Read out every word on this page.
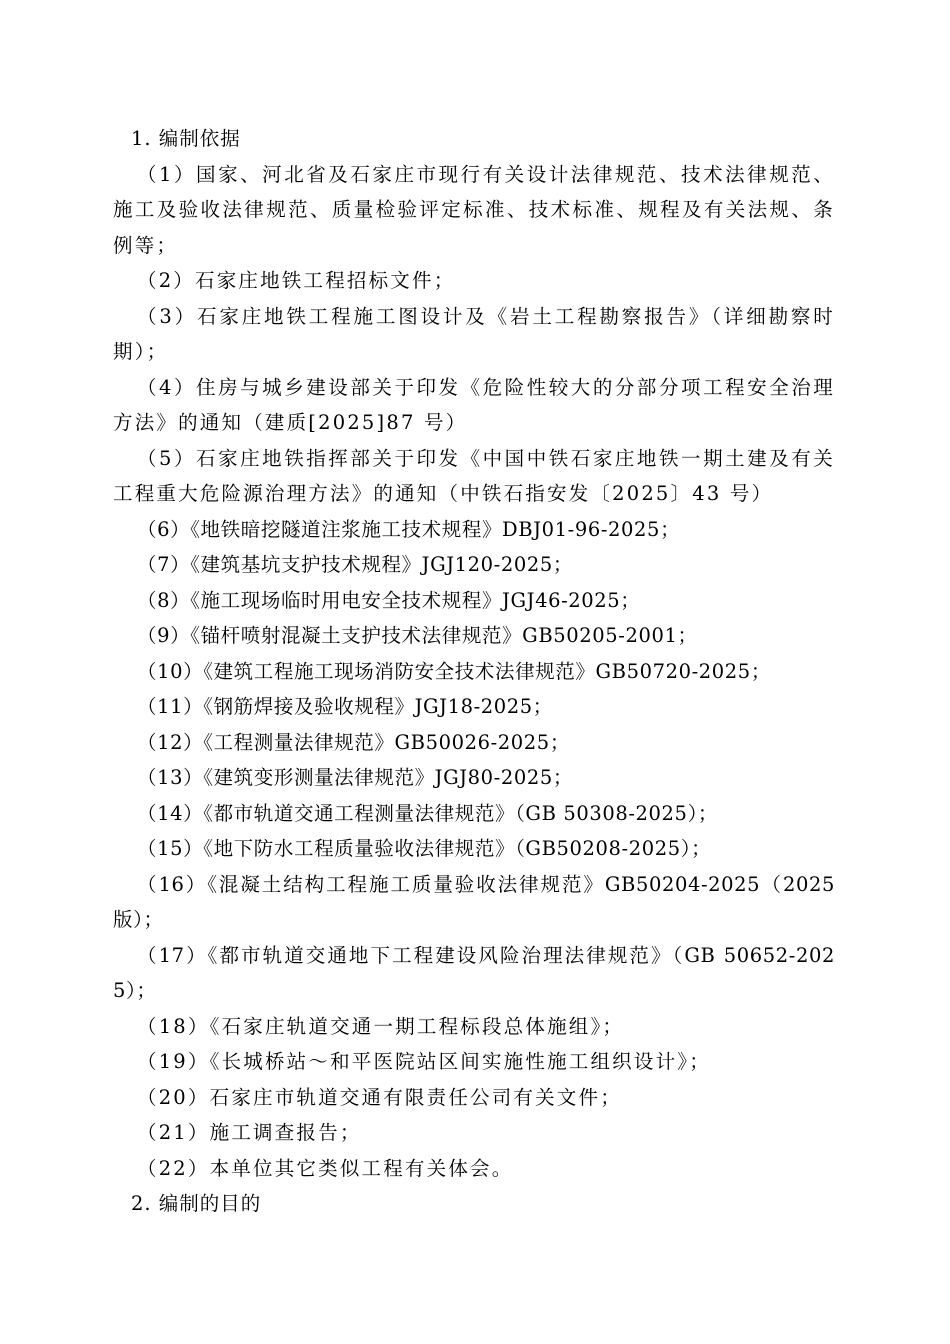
1. 编制依据
（1）国家、河北省及石家庄市现行有关设计法律规范、技术法律规范、施工及验收法律规范、质量检验评定标准、技术标准、规程及有关法规、条例等；
（2）石家庄地铁工程招标文件；
（3）石家庄地铁工程施工图设计及《岩土工程勘察报告》（详细勘察时期）；
（4）住房与城乡建设部关于印发《危险性较大的分部分项工程安全治理方法》的通知（建质[2025]87 号）
（5）石家庄地铁指挥部关于印发《中国中铁石家庄地铁一期土建及有关工程重大危险源治理方法》的通知（中铁石指安发〔2025〕43 号）
（6）《地铁暗挖隧道注浆施工技术规程》DBJ01-96-2025；
（7）《建筑基坑支护技术规程》JGJ120-2025；
（8）《施工现场临时用电安全技术规程》JGJ46-2025；
（9）《锚杆喷射混凝土支护技术法律规范》GB50205-2001；
（10）《建筑工程施工现场消防安全技术法律规范》GB50720-2025；
（11）《钢筋焊接及验收规程》JGJ18-2025；
（12）《工程测量法律规范》GB50026-2025；
（13）《建筑变形测量法律规范》JGJ80-2025；
（14）《都市轨道交通工程测量法律规范》（GB 50308-2025）；
（15）《地下防水工程质量验收法律规范》（GB50208-2025）；
（16）《混凝土结构工程施工质量验收法律规范》GB50204-2025（2025 版）；
（17）《都市轨道交通地下工程建设风险治理法律规范》（GB 50652-2025）；
（18）《石家庄轨道交通一期工程标段总体施组》；
（19）《长城桥站～和平医院站区间实施性施工组织设计》；
（20）石家庄市轨道交通有限责任公司有关文件；
（21）施工调查报告；
（22）本单位其它类似工程有关体会。
2. 编制的目的
